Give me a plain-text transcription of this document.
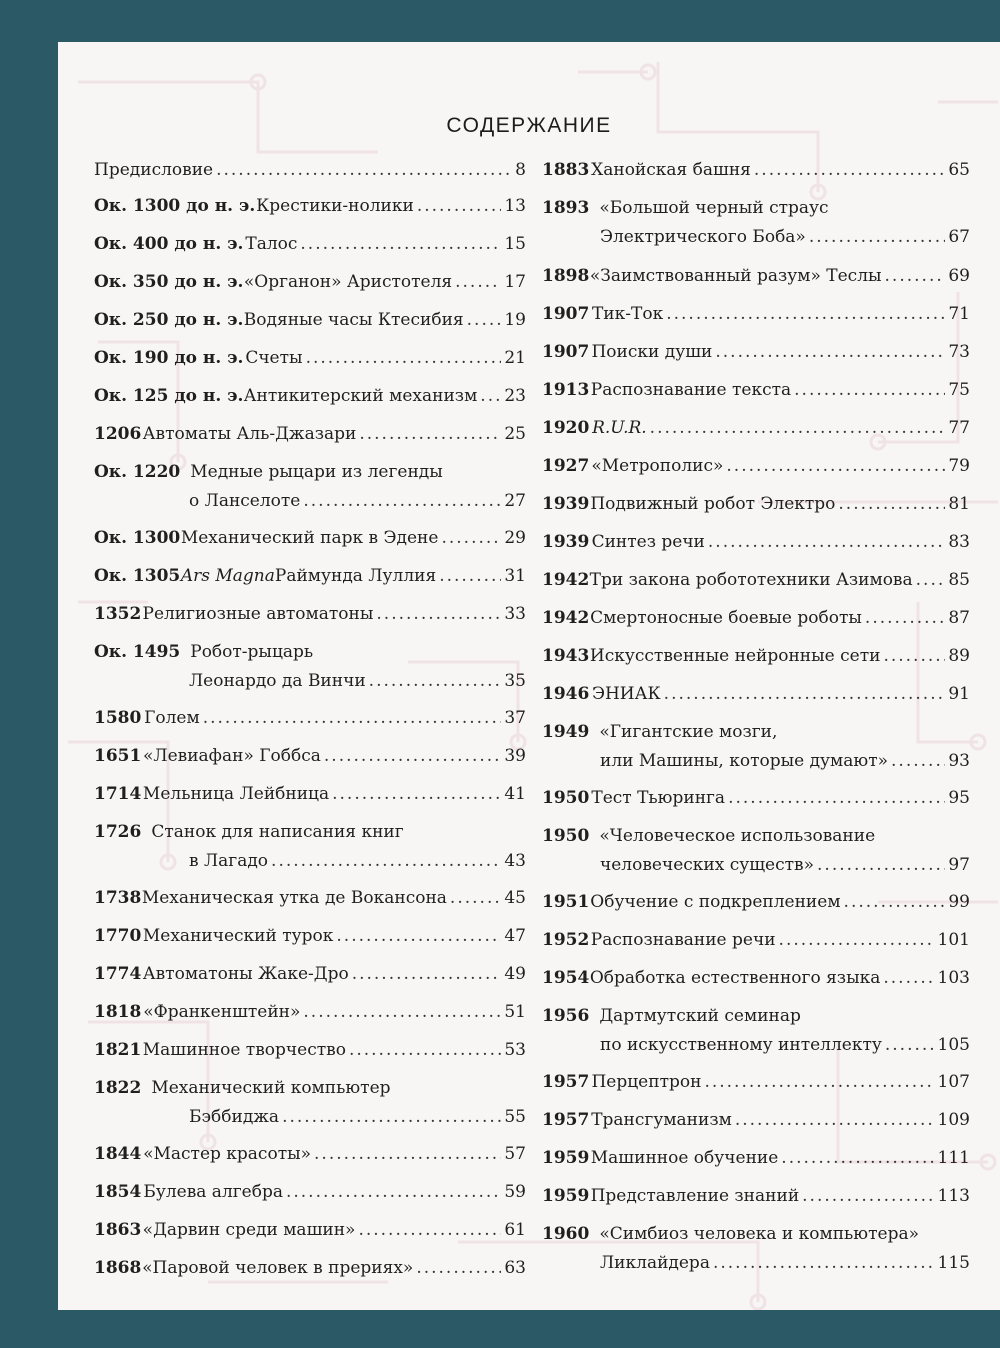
СОДЕРЖАНИЕ
Предисловие .....	8
Ок. 1300 до н. э. Крестики-нолики .....	13
Ок. 400 до н. э. Талос .....	15
Ок. 350 до н. э. «Органон» Аристотеля .....	17
Ок. 250 до н. э. Водяные часы Ктесибия ..... 19
Ок. 190 до н. э. Счеты .....	21
Ок. 125 до н. э. Антикитерский механизм ..... 23
1206 Автоматы Аль-Джазари .....	25
Ок. 1220 Медные рыцари из легенды
о Ланселоте .....	27
Ок. 1300 Механический парк в Эдене .....	29
Ок. 1305 Ars Magna Раймунда Луллия .....	31
1352 Религиозные автоматоны .....	33
Ок. 1495 Робот-рыцарь
Леонардо да Винчи .....	35
1580 Голем .....	37
1651 «Левиафан» Гоббса .....	39
1714 Мельница Лейбница .....	41
1726 Станок для написания книг
в Лагадо .....	43
1738 Механическая утка де Вокансона .....	45
1770 Механический турок .....	47
1774 Автоматоны Жаке-Дро .....	49
1818 «Франкенштейн» .....	51
1821 Машинное творчество .....	53
1822 Механический компьютер
Бэббиджа .....	55
1844 «Мастер красоты» .....	57
1854 Булева алгебра .....	59
1863 «Дарвин среди машин» .....	61
1868 «Паровой человек в прериях» .....	63
1883 Ханойская башня .....	65
1893 «Большой черный страус
Электрического Боба» .....	67
1898 «Заимствованный разум» Теслы .....	69
1907 Тик-Ток .....	71
1907 Поиски души .....	73
1913 Распознавание текста .....	75
1920 R.U.R. .....	77
1927 «Метрополис» .....	79
1939 Подвижный робот Электро .....	81
1939 Синтез речи .....	83
1942 Три закона робототехники Азимова ..... 85
1942 Смертоносные боевые роботы .....	87
1943 Искусственные нейронные сети .....	89
1946 ЭНИАК .....	91
1949 «Гигантские мозги,
или Машины, которые думают» .....	93
1950 Тест Тьюринга .....	95
1950 «Человеческое использование
человеческих существ» .....	97
1951 Обучение с подкреплением .....	99
1952 Распознавание речи .....	101
1954 Обработка естественного языка .....	103
1956 Дартмутский семинар
по искусственному интеллекту .....	105
1957 Перцептрон .....	107
1957 Трансгуманизм .....	109
1959 Машинное обучение .....	111
1959 Представление знаний .....	113
1960 «Симбиоз человека и компьютера»
Ликлайдера .....	115
